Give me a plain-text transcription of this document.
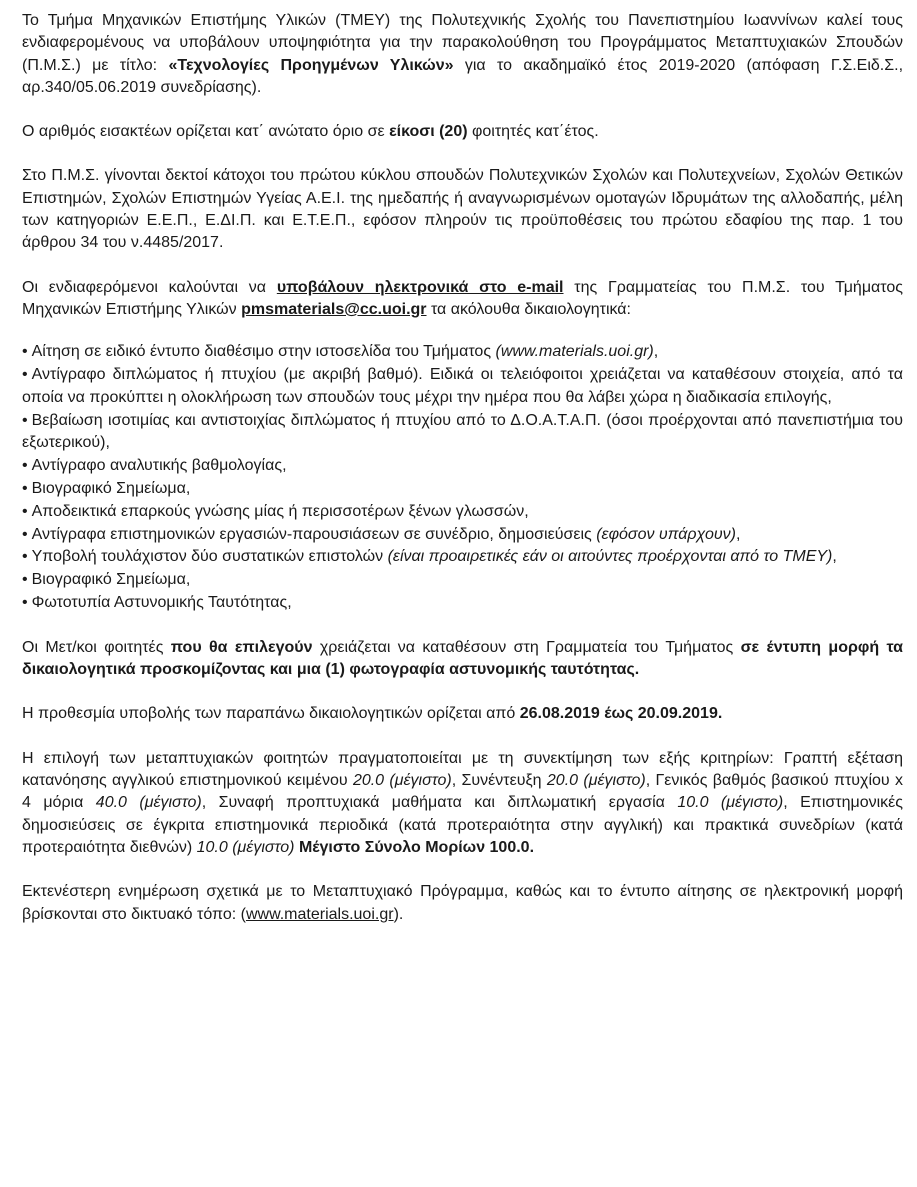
Το Τμήμα Μηχανικών Επιστήμης Υλικών (ΤΜΕΥ) της Πολυτεχνικής Σχολής του Πανεπιστημίου Ιωαννίνων καλεί τους ενδιαφερομένους να υποβάλουν υποψηφιότητα για την παρακολούθηση του Προγράμματος Μεταπτυχιακών Σπουδών (Π.Μ.Σ.) με τίτλο: «Τεχνολογίες Προηγμένων Υλικών» για το ακαδημαϊκό έτος 2019-2020 (απόφαση Γ.Σ.Ειδ.Σ., αρ.340/05.06.2019 συνεδρίασης).

Ο αριθμός εισακτέων ορίζεται κατ΄ ανώτατο όριο σε είκοσι (20) φοιτητές κατ΄έτος.

Στο Π.Μ.Σ. γίνονται δεκτοί κάτοχοι του πρώτου κύκλου σπουδών Πολυτεχνικών Σχολών και Πολυτεχνείων, Σχολών Θετικών Επιστημών, Σχολών Επιστημών Υγείας Α.Ε.Ι. της ημεδαπής ή αναγνωρισμένων ομοταγών Ιδρυμάτων της αλλοδαπής, μέλη των κατηγοριών Ε.Ε.Π., Ε.ΔΙ.Π. και Ε.Τ.Ε.Π., εφόσον πληρούν τις προϋποθέσεις του πρώτου εδαφίου της παρ. 1 του άρθρου 34 του ν.4485/2017.

Οι ενδιαφερόμενοι καλούνται να υποβάλουν ηλεκτρονικά στο e-mail της Γραμματείας του Π.Μ.Σ. του Τμήματος Μηχανικών Επιστήμης Υλικών pmsmaterials@cc.uoi.gr τα ακόλουθα δικαιολογητικά:

• Αίτηση σε ειδικό έντυπο διαθέσιμο στην ιστοσελίδα του Τμήματος (www.materials.uoi.gr),
• Αντίγραφο διπλώματος ή πτυχίου (με ακριβή βαθμό). Ειδικά οι τελειόφοιτοι χρειάζεται να καταθέσουν στοιχεία, από τα οποία να προκύπτει η ολοκλήρωση των σπουδών τους μέχρι την ημέρα που θα λάβει χώρα η διαδικασία επιλογής,
• Βεβαίωση ισοτιμίας και αντιστοιχίας διπλώματος ή πτυχίου από το Δ.Ο.Α.Τ.Α.Π. (όσοι προέρχονται από πανεπιστήμια του εξωτερικού),
• Αντίγραφο αναλυτικής βαθμολογίας,
• Βιογραφικό Σημείωμα,
• Αποδεικτικά επαρκούς γνώσης μίας ή περισσοτέρων ξένων γλωσσών,
• Αντίγραφα επιστημονικών εργασιών-παρουσιάσεων σε συνέδριο, δημοσιεύσεις (εφόσον υπάρχουν),
• Υποβολή τουλάχιστον δύο συστατικών επιστολών (είναι προαιρετικές εάν οι αιτούντες προέρχονται από το ΤΜΕΥ),
• Βιογραφικό Σημείωμα,
• Φωτοτυπία Αστυνομικής Ταυτότητας,

Οι Μετ/κοι φοιτητές που θα επιλεγούν χρειάζεται να καταθέσουν στη Γραμματεία του Τμήματος σε έντυπη μορφή τα δικαιολογητικά προσκομίζοντας και μια (1) φωτογραφία αστυνομικής ταυτότητας.

Η προθεσμία υποβολής των παραπάνω δικαιολογητικών ορίζεται από 26.08.2019 έως 20.09.2019.

Η επιλογή των μεταπτυχιακών φοιτητών πραγματοποιείται με τη συνεκτίμηση των εξής κριτηρίων: Γραπτή εξέταση κατανόησης αγγλικού επιστημονικού κειμένου 20.0 (μέγιστο), Συνέντευξη 20.0 (μέγιστο), Γενικός βαθμός βασικού πτυχίου x 4 μόρια 40.0 (μέγιστο), Συναφή προπτυχιακά μαθήματα και διπλωματική εργασία 10.0 (μέγιστο), Επιστημονικές δημοσιεύσεις σε έγκριτα επιστημονικά περιοδικά (κατά προτεραιότητα στην αγγλική) και πρακτικά συνεδρίων (κατά προτεραιότητα διεθνών) 10.0 (μέγιστο) Μέγιστο Σύνολο Μορίων 100.0.

Εκτενέστερη ενημέρωση σχετικά με το Μεταπτυχιακό Πρόγραμμα, καθώς και το έντυπο αίτησης σε ηλεκτρονική μορφή βρίσκονται στο δικτυακό τόπο: (www.materials.uoi.gr).
